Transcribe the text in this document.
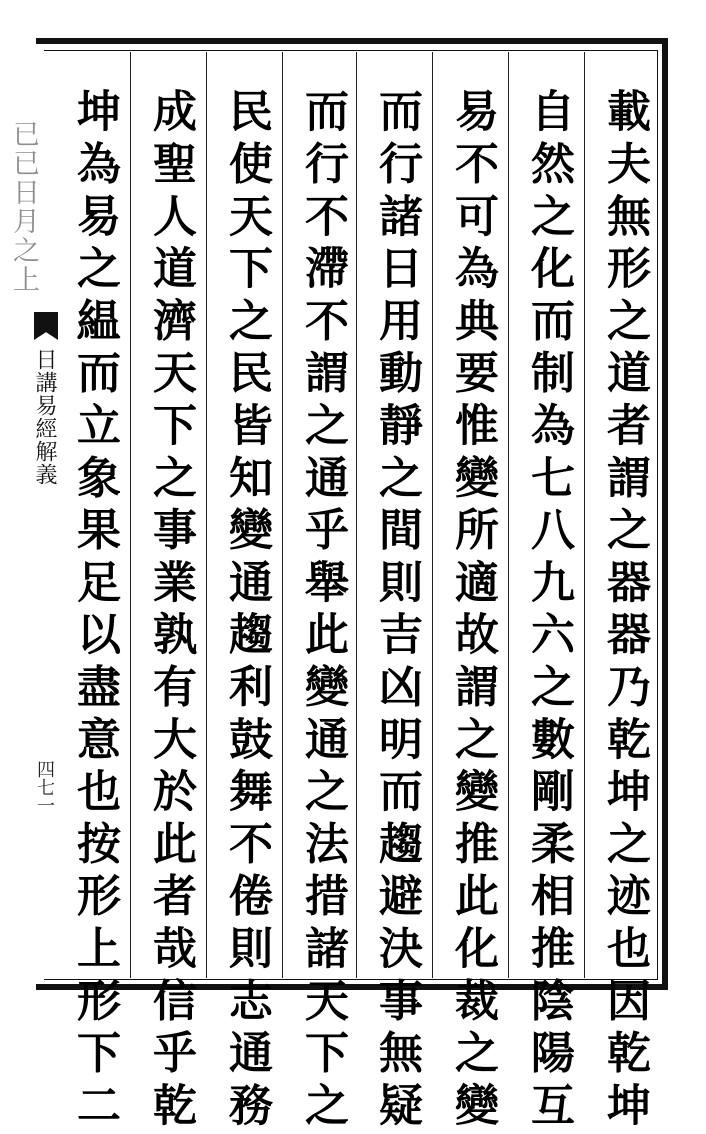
已已日月之上
日講易經解義
四七一	載夫無形之道者謂之器器乃乾坤之迹也因乾坤
自然之化而制為七八九六之數剛柔相推陰陽互
易不可為典要惟變所適故謂之變推此化裁之變
而行諸日用動靜之間則吉凶明而趨避決事無疑
而行不滯不謂之通乎舉此變通之法措諸天下之
民使天下之民皆知變通趨利鼓舞不倦則志通務
成聖人道濟天下之事業孰有大於此者哉信乎乾
坤為易之緼而立象果足以盡意也按形上形下二
